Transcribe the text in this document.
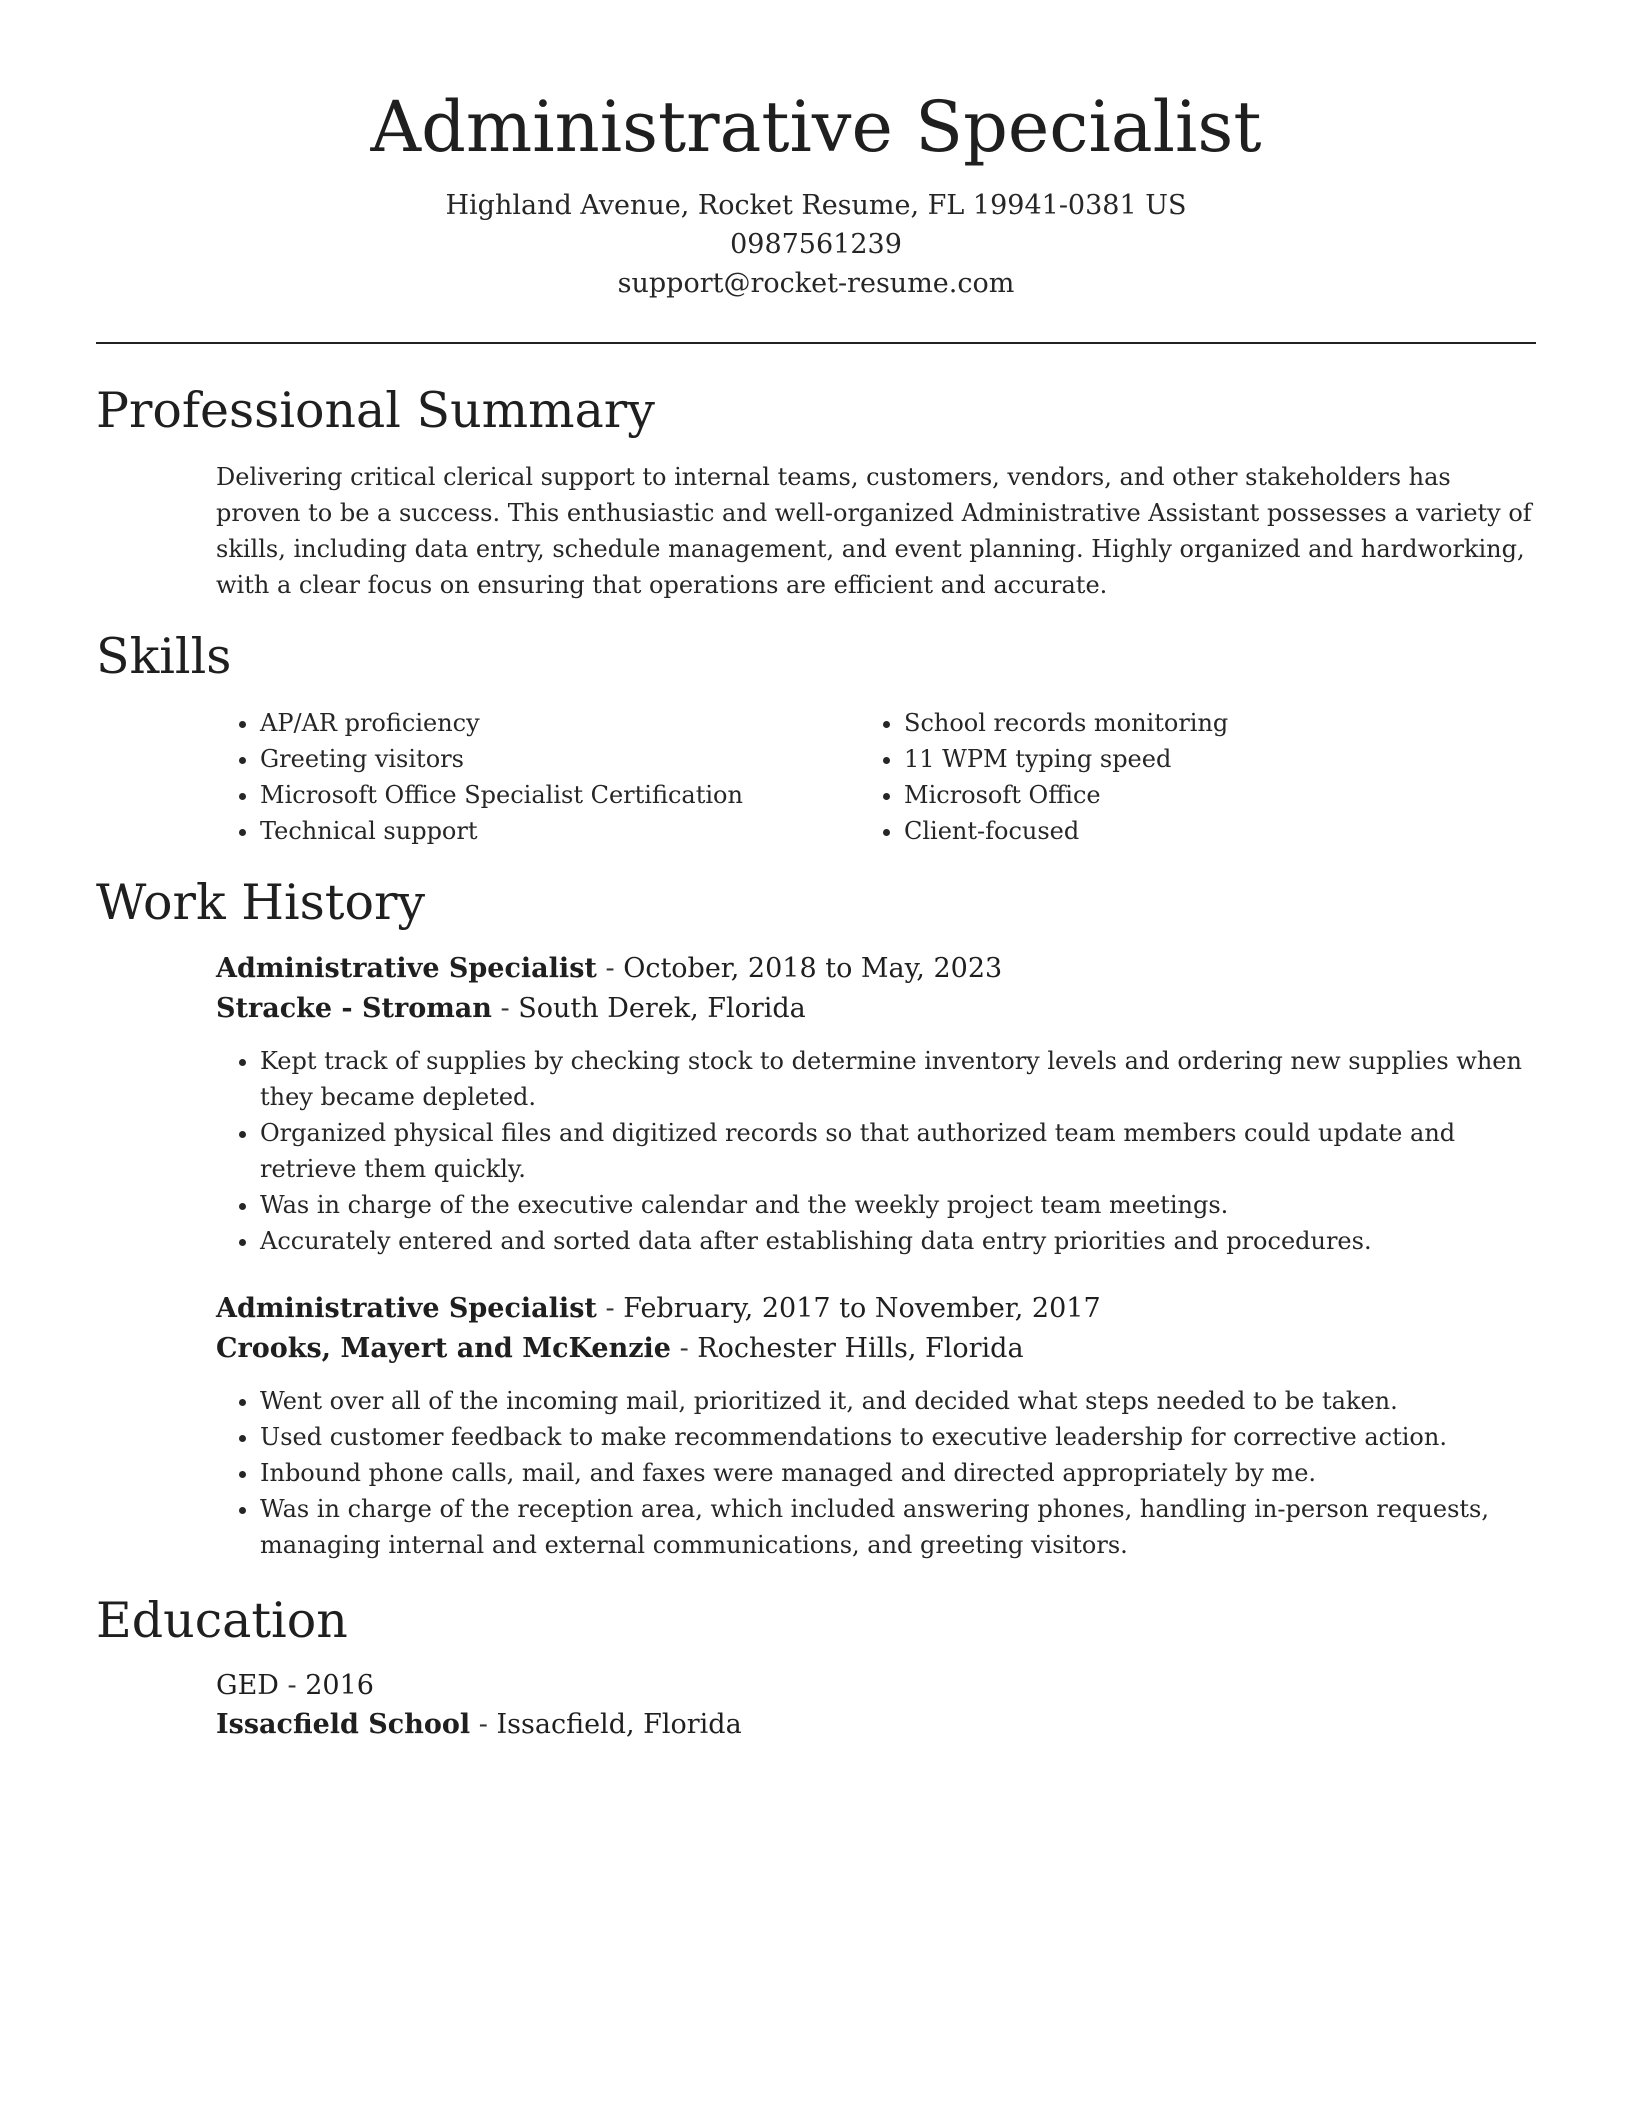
Administrative Specialist
Highland Avenue, Rocket Resume, FL 19941-0381 US
0987561239
support@rocket-resume.com
Professional Summary

Delivering critical clerical support to internal teams, customers, vendors, and other stakeholders has proven to be a success. This enthusiastic and well-organized Administrative Assistant possesses a variety of skills, including data entry, schedule management, and event planning. Highly organized and hardworking, with a clear focus on ensuring that operations are efficient and accurate.

Skills
• AP/AR proficiency
• Greeting visitors
• Microsoft Office Specialist Certification
• Technical support
• School records monitoring
• 11 WPM typing speed
• Microsoft Office
• Client-focused
Work History
Administrative Specialist - October, 2018 to May, 2023
Stracke - Stroman - South Derek, Florida
• Kept track of supplies by checking stock to determine inventory levels and ordering new supplies when they became depleted.
• Organized physical files and digitized records so that authorized team members could update and retrieve them quickly.
• Was in charge of the executive calendar and the weekly project team meetings.
• Accurately entered and sorted data after establishing data entry priorities and procedures.
Administrative Specialist - February, 2017 to November, 2017
Crooks, Mayert and McKenzie - Rochester Hills, Florida
• Went over all of the incoming mail, prioritized it, and decided what steps needed to be taken.
• Used customer feedback to make recommendations to executive leadership for corrective action.
• Inbound phone calls, mail, and faxes were managed and directed appropriately by me.
• Was in charge of the reception area, which included answering phones, handling in-person requests, managing internal and external communications, and greeting visitors.
Education
GED - 2016
Issacfield School - Issacfield, Florida
